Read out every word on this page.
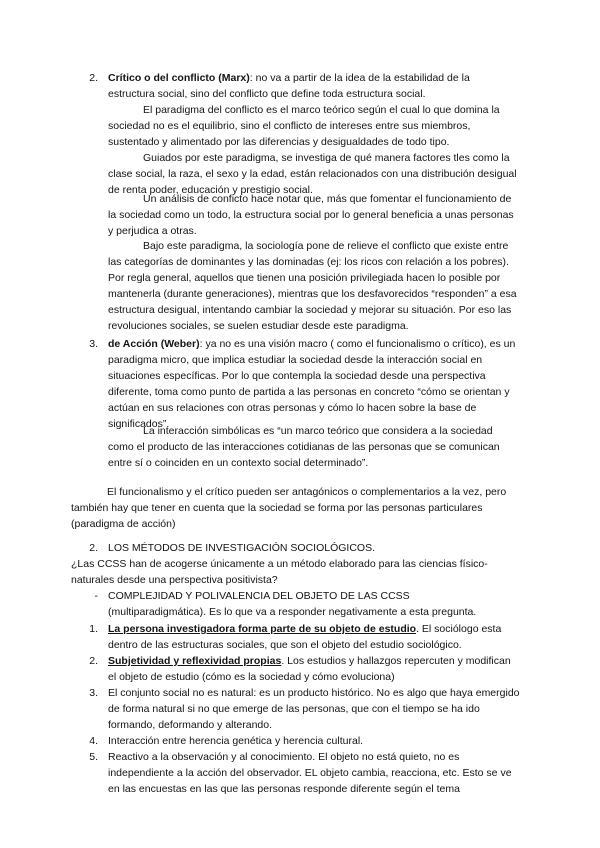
2. Crítico o del conflicto (Marx): no va a partir de la idea de la estabilidad de la estructura social, sino del conflicto que define toda estructura social.
El paradigma del conflicto es el marco teórico según el cual lo que domina la sociedad no es el equilibrio, sino el conflicto de intereses entre sus miembros, sustentado y alimentado por las diferencias y desigualdades de todo tipo.
Guiados por este paradigma, se investiga de qué manera factores tles como la clase social, la raza, el sexo y la edad, están relacionados con una distribución desigual de renta poder, educación y prestigio social.
Un análisis de conficto hace notar que, más que fomentar el funcionamiento de la sociedad como un todo, la estructura social por lo general beneficia a unas personas y perjudica a otras.
Bajo este paradigma, la sociología pone de relieve el conflicto que existe entre las categorías de dominantes y las dominadas (ej: los ricos con relación a los pobres). Por regla general, aquellos que tienen una posición privilegiada hacen lo posible por mantenerla (durante generaciones), mientras que los desfavorecidos “responden” a esa estructura desigual, intentando cambiar la sociedad y mejorar su situación. Por eso las revoluciones sociales, se suelen estudiar desde este paradigma.
3. de Acción (Weber): ya no es una visión macro ( como el funcionalismo o crítico), es un paradigma micro, que implica estudiar la sociedad desde la interacción social en situaciones específicas. Por lo que contempla la sociedad desde una perspectiva diferente, toma como punto de partida a las personas en concreto “cómo se orientan y actúan en sus relaciones con otras personas y cómo lo hacen sobre la base de significados”.
La interacción simbólicas es “un marco teórico que considera a la sociedad como el producto de las interacciones cotidianas de las personas que se comunican entre sí o coinciden en un contexto social determinado”.
El funcionalismo y el crítico pueden ser antagónicos o complementarios a la vez, pero también hay que tener en cuenta que la sociedad se forma por las personas particulares (paradigma de acción)
2. LOS MÉTODOS DE INVESTIGACIÓN SOCIOLÓGICOS.
¿Las CCSS han de acogerse únicamente a un método elaborado para las ciencias físico-naturales desde una perspectiva positivista?
- COMPLEJIDAD Y POLIVALENCIA DEL OBJETO DE LAS CCSS
(multiparadigmática). Es lo que va a responder negativamente a esta pregunta.
1. La persona investigadora forma parte de su objeto de estudio. El sociólogo esta dentro de las estructuras sociales, que son el objeto del estudio sociológico.
2. Subjetividad y reflexividad propias. Los estudios y hallazgos repercuten y modifican el objeto de estudio (cómo es la sociedad y cómo evoluciona)
3. El conjunto social no es natural: es un producto histórico. No es algo que haya emergido de forma natural si no que emerge de las personas, que con el tiempo se ha ido formando, deformando y alterando.
4. Interacción entre herencia genética y herencia cultural.
5. Reactivo a la observación y al conocimiento. El objeto no está quieto, no es independiente a la acción del observador. EL objeto cambia, reacciona, etc. Esto se ve en las encuestas en las que las personas responde diferente según el tema
